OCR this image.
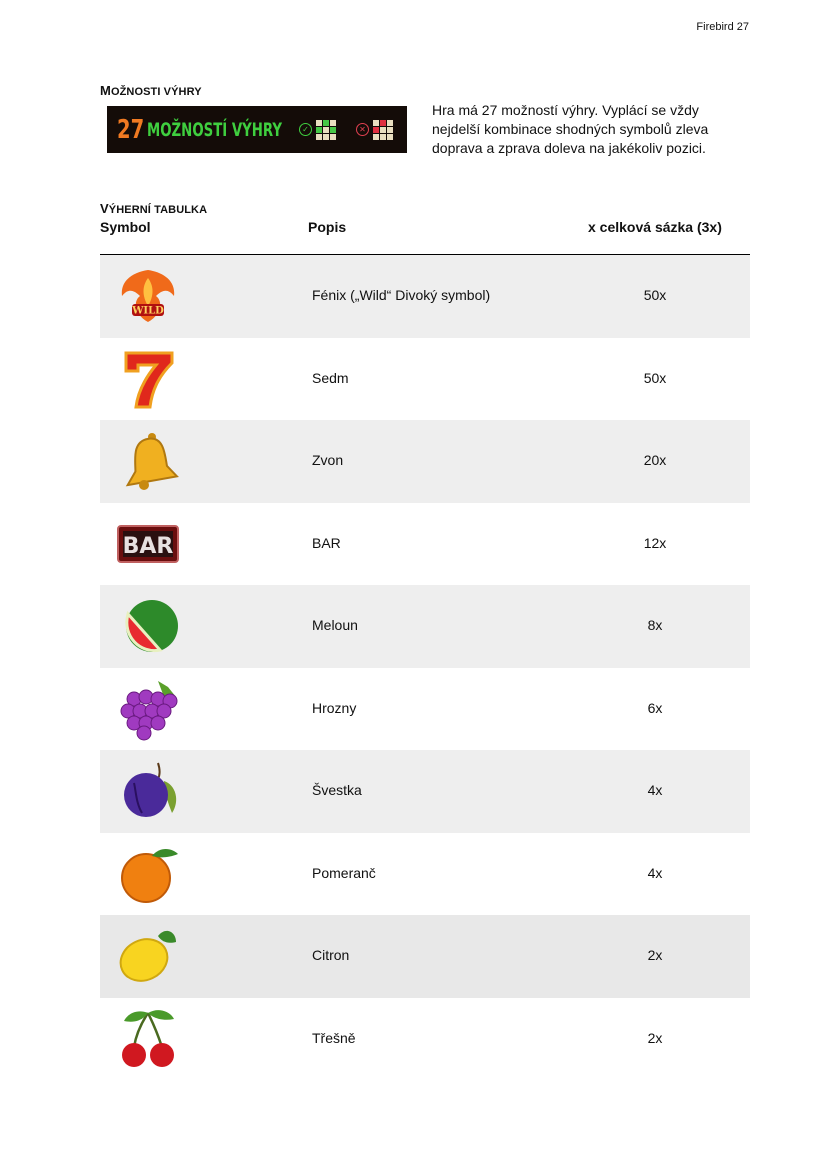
Firebird 27
MOŽNOSTI VÝHRY
27 MOŽNOSTÍ VÝHRY	✓	✕
Hra má 27 možností výhry. Vyplácí se vždy nejdelší kombinace shodných symbolů zleva doprava a zprava doleva na jakékoliv pozici.
VÝHERNÍ TABULKA
Symbol	Popis	x celková sázka (3x)
WILD
Fénix („Wild“ Divoký symbol)	50x
Sedm	50x
Zvon	20x
BAR	BAR	12x
Meloun	8x
Hrozny	6x
Švestka	4x
Pomeranč	4x
Citron	2x
Třešně	2x
